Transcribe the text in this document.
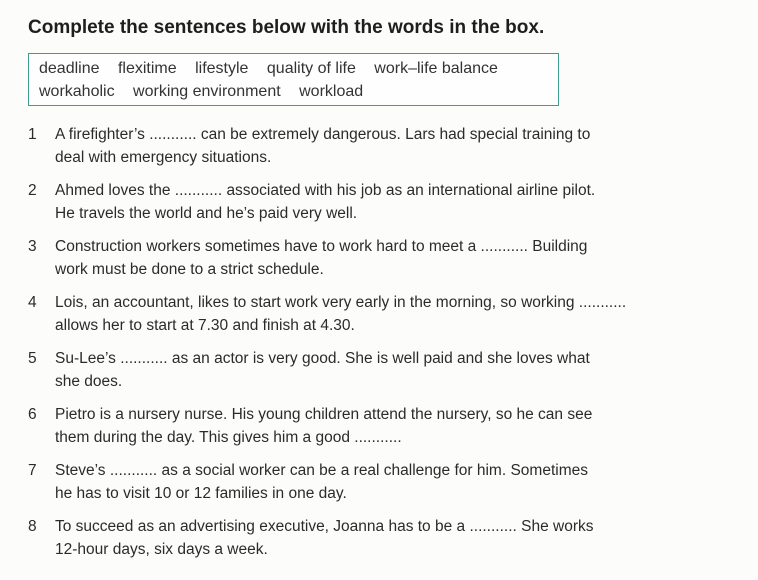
Complete the sentences below with the words in the box.
deadline flexitime lifestyle quality of life work–life balance
workaholic working environment workload
1	A firefighter’s ........... can be extremely dangerous. Lars had special training to
deal with emergency situations.
2	Ahmed loves the ........... associated with his job as an international airline pilot.
He travels the world and he’s paid very well.
3	Construction workers sometimes have to work hard to meet a ........... Building
work must be done to a strict schedule.
4	Lois, an accountant, likes to start work very early in the morning, so working ...........
allows her to start at 7.30 and finish at 4.30.
5	Su-Lee’s ........... as an actor is very good. She is well paid and she loves what
she does.
6	Pietro is a nursery nurse. His young children attend the nursery, so he can see
them during the day. This gives him a good ...........
7	Steve’s ........... as a social worker can be a real challenge for him. Sometimes
he has to visit 10 or 12 families in one day.
8	To succeed as an advertising executive, Joanna has to be a ........... She works
12-hour days, six days a week.
